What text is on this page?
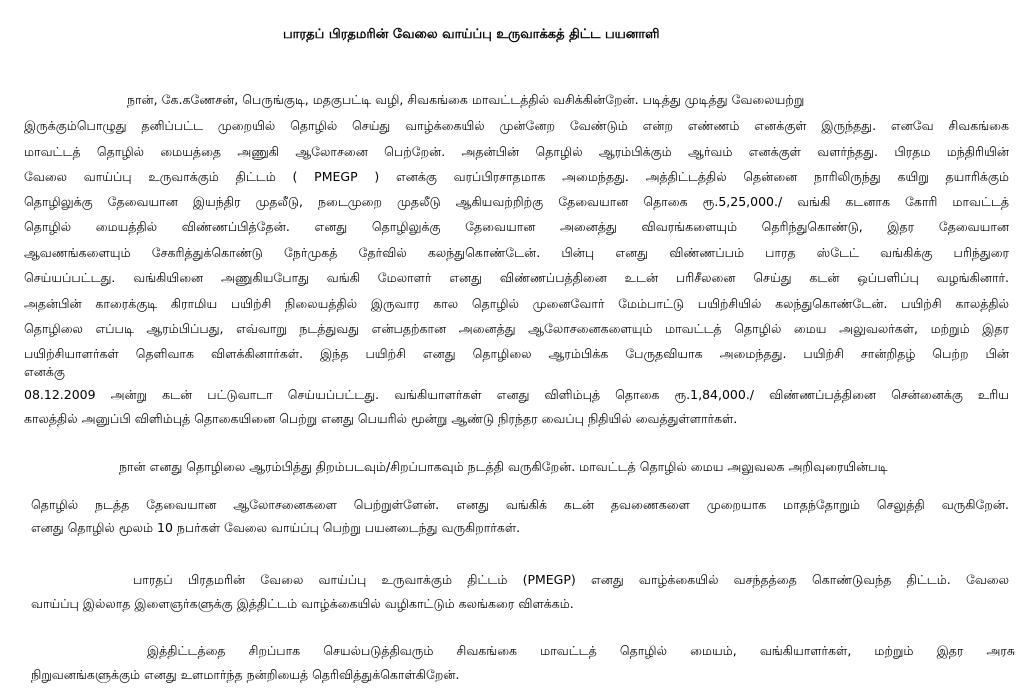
பாரதப் பிரதமரின் வேலை வாய்ப்பு உருவாக்கத் திட்ட பயனாளி

நான், கே.கணேசன், பெருங்குடி, மதகுபட்டி வழி, சிவகங்கை மாவட்டத்தில் வசிக்கின்றேன். படித்து முடித்து வேலையற்று

இருக்கும்பொழுது தனிப்பட்ட முறையில் தொழில் செய்து வாழ்க்கையில் முன்னேற வேண்டும் என்ற எண்ணம் எனக்குள் இருந்தது. எனவே சிவகங்கை

மாவட்டத் தொழில் மையத்தை அணுகி ஆலோசனை பெற்றேன். அதன்பின் தொழில் ஆரம்பிக்கும் ஆர்வம் எனக்குள் வளர்ந்தது. பிரதம மந்திரியின்

வேலை வாய்ப்பு உருவாக்கும் திட்டம் ( PMEGP ) எனக்கு வரப்பிரசாதமாக அமைந்தது. அத்திட்டத்தில் தென்னை நாரிலிருந்து கயிறு தயாரிக்கும்

தொழிலுக்கு தேவையான இயந்திர முதலீடு, நடைமுறை முதலீடு ஆகியவற்றிற்கு தேவையான தொகை ரூ.5,25,000./ வங்கி கடனாக கோரி மாவட்டத்

தொழில் மையத்தில் விண்ணப்பித்தேன். எனது தொழிலுக்கு தேவையான அனைத்து விவரங்களையும் தெரிந்துகொண்டு, இதர தேவையான

ஆவணங்களையும் சேகரித்துக்கொண்டு நேர்முகத் தேர்வில் கலந்துகொண்டேன். பின்பு எனது விண்ணப்பம் பாரத ஸ்டேட் வங்கிக்கு பரிந்துரை

செய்யப்பட்டது. வங்கியினை அணுகியபோது வங்கி மேலாளர் எனது விண்ணப்பத்தினை உடன் பரிசீலனை செய்து கடன் ஒப்பளிப்பு வழங்கினார்.

அதன்பின் காரைக்குடி கிராமிய பயிற்சி நிலையத்தில் இருவார கால தொழில் முனைவோர் மேம்பாட்டு பயிற்சியில் கலந்துகொண்டேன். பயிற்சி காலத்தில்

தொழிலை எப்படி ஆரம்பிப்பது, எவ்வாறு நடத்துவது என்பதற்கான அனைத்து ஆலோசனைகளையும் மாவட்டத் தொழில் மைய அலுவலர்கள், மற்றும் இதர

பயிற்சியாளர்கள் தெளிவாக விளக்கினார்கள். இந்த பயிற்சி எனது தொழிலை ஆரம்பிக்க பேருதவியாக அமைந்தது. பயிற்சி சான்றிதழ் பெற்ற பின்

எனக்கு

08.12.2009 அன்று கடன் பட்டுவாடா செய்யப்பட்டது. வங்கியாளர்கள் எனது விளிம்புத் தொகை ரூ.1,84,000./ விண்ணப்பத்தினை சென்னைக்கு உரிய

காலத்தில் அனுப்பி விளிம்புத் தொகையினை பெற்று எனது பெயரில் மூன்று ஆண்டு நிரந்தர வைப்பு நிதியில் வைத்துள்ளார்கள்.

நான் எனது தொழிலை ஆரம்பித்து திறம்படவும்/சிறப்பாகவும் நடத்தி வருகிறேன். மாவட்டத் தொழில் மைய அலுவலக அறிவுரையின்படி

தொழில் நடத்த தேவையான ஆலோசனைகளை பெற்றுள்ளேன். எனது வங்கிக் கடன் தவணைகளை முறையாக மாதந்தோறும் செலுத்தி வருகிறேன்.

எனது தொழில் மூலம் 10 நபர்கள் வேலை வாய்ப்பு பெற்று பயனடைந்து வருகிறார்கள்.

பாரதப் பிரதமரின் வேலை வாய்ப்பு உருவாக்கும் திட்டம் (PMEGP) எனது வாழ்க்கையில் வசந்தத்தை கொண்டுவந்த திட்டம். வேலை

வாய்ப்பு இல்லாத இளைஞர்களுக்கு இத்திட்டம் வாழ்க்கையில் வழிகாட்டும் கலங்கரை விளக்கம்.

இத்திட்டத்தை சிறப்பாக செயல்படுத்திவரும் சிவகங்கை மாவட்டத் தொழில் மையம், வங்கியாளர்கள், மற்றும் இதர அரசு

நிறுவனங்களுக்கும் எனது உளமார்ந்த நன்றியைத் தெரிவித்துக்கொள்கிறேன்.
